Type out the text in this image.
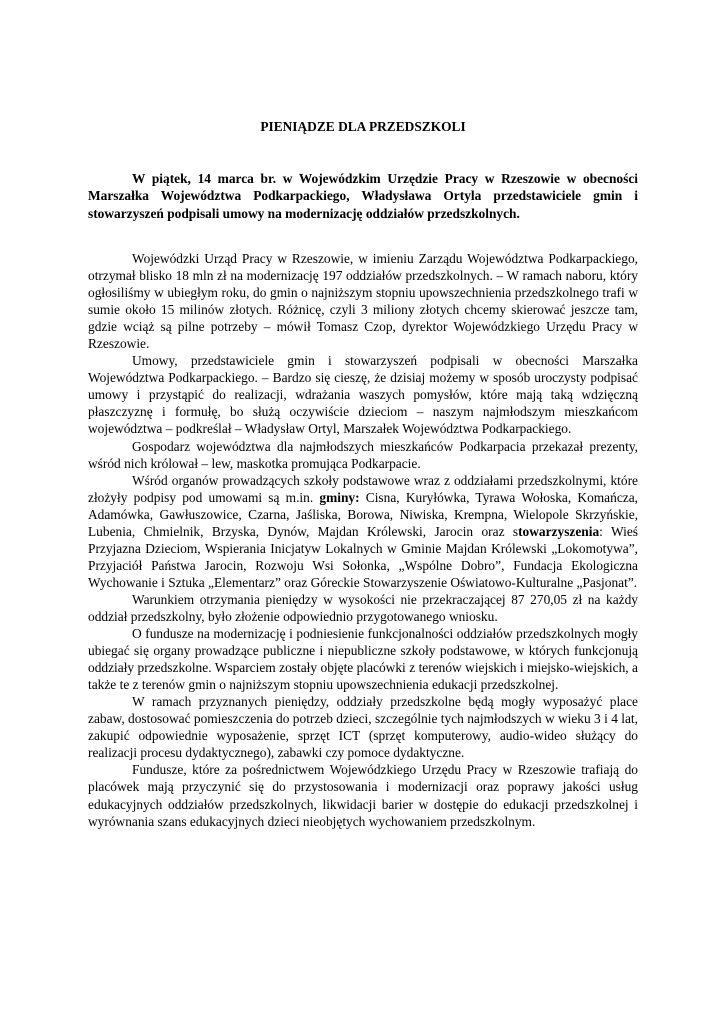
PIENIĄDZE DLA PRZEDSZKOLI

W piątek, 14 marca br. w Wojewódzkim Urzędzie Pracy w Rzeszowie w obecności Marszałka Województwa Podkarpackiego, Władysława Ortyla przedstawiciele gmin i stowarzyszeń podpisali umowy na modernizację oddziałów przedszkolnych.

Wojewódzki Urząd Pracy w Rzeszowie, w imieniu Zarządu Województwa Podkarpackiego, otrzymał blisko 18 mln zł na modernizację 197 oddziałów przedszkolnych. – W ramach naboru, który ogłosiliśmy w ubiegłym roku, do gmin o najniższym stopniu upowszechnienia przedszkolnego trafi w sumie około 15 milinów złotych. Różnicę, czyli 3 miliony złotych chcemy skierować jeszcze tam, gdzie wciąż są pilne potrzeby – mówił Tomasz Czop, dyrektor Wojewódzkiego Urzędu Pracy w Rzeszowie.

Umowy, przedstawiciele gmin i stowarzyszeń podpisali w obecności Marszałka Województwa Podkarpackiego. – Bardzo się cieszę, że dzisiaj możemy w sposób uroczysty podpisać umowy i przystąpić do realizacji, wdrażania waszych pomysłów, które mają taką wdzięczną płaszczyznę i formułę, bo służą oczywiście dzieciom – naszym najmłodszym mieszkańcom województwa – podkreślał – Władysław Ortyl, Marszałek Województwa Podkarpackiego.

Gospodarz województwa dla najmłodszych mieszkańców Podkarpacia przekazał prezenty, wśród nich królował – lew, maskotka promująca Podkarpacie.

Wśród organów prowadzących szkoły podstawowe wraz z oddziałami przedszkolnymi, które złożyły podpisy pod umowami są m.in. gminy: Cisna, Kuryłówka, Tyrawa Wołoska, Komańcza, Adamówka, Gawłuszowice, Czarna, Jaśliska, Borowa, Niwiska, Krempna, Wielopole Skrzyńskie, Lubenia, Chmielnik, Brzyska, Dynów, Majdan Królewski, Jarocin oraz stowarzyszenia: Wieś Przyjazna Dzieciom, Wspierania Inicjatyw Lokalnych w Gminie Majdan Królewski „Lokomotywa”, Przyjaciół Państwa Jarocin, Rozwoju Wsi Sołonka, „Wspólne Dobro”, Fundacja Ekologiczna Wychowanie i Sztuka „Elementarz” oraz Góreckie Stowarzyszenie Oświatowo-Kulturalne „Pasjonat”.

Warunkiem otrzymania pieniędzy w wysokości nie przekraczającej 87 270,05 zł na każdy oddział przedszkolny, było złożenie odpowiednio przygotowanego wniosku.

O fundusze na modernizację i podniesienie funkcjonalności oddziałów przedszkolnych mogły ubiegać się organy prowadzące publiczne i niepubliczne szkoły podstawowe, w których funkcjonują oddziały przedszkolne. Wsparciem zostały objęte placówki z terenów wiejskich i miejsko-wiejskich, a także te z terenów gmin o najniższym stopniu upowszechnienia edukacji przedszkolnej.

W ramach przyznanych pieniędzy, oddziały przedszkolne będą mogły wyposażyć place zabaw, dostosować pomieszczenia do potrzeb dzieci, szczególnie tych najmłodszych w wieku 3 i 4 lat, zakupić odpowiednie wyposażenie, sprzęt ICT (sprzęt komputerowy, audio-wideo służący do realizacji procesu dydaktycznego), zabawki czy pomoce dydaktyczne.

Fundusze, które za pośrednictwem Wojewódzkiego Urzędu Pracy w Rzeszowie trafiają do placówek mają przyczynić się do przystosowania i modernizacji oraz poprawy jakości usług edukacyjnych oddziałów przedszkolnych, likwidacji barier w dostępie do edukacji przedszkolnej i wyrównania szans edukacyjnych dzieci nieobjętych wychowaniem przedszkolnym.
